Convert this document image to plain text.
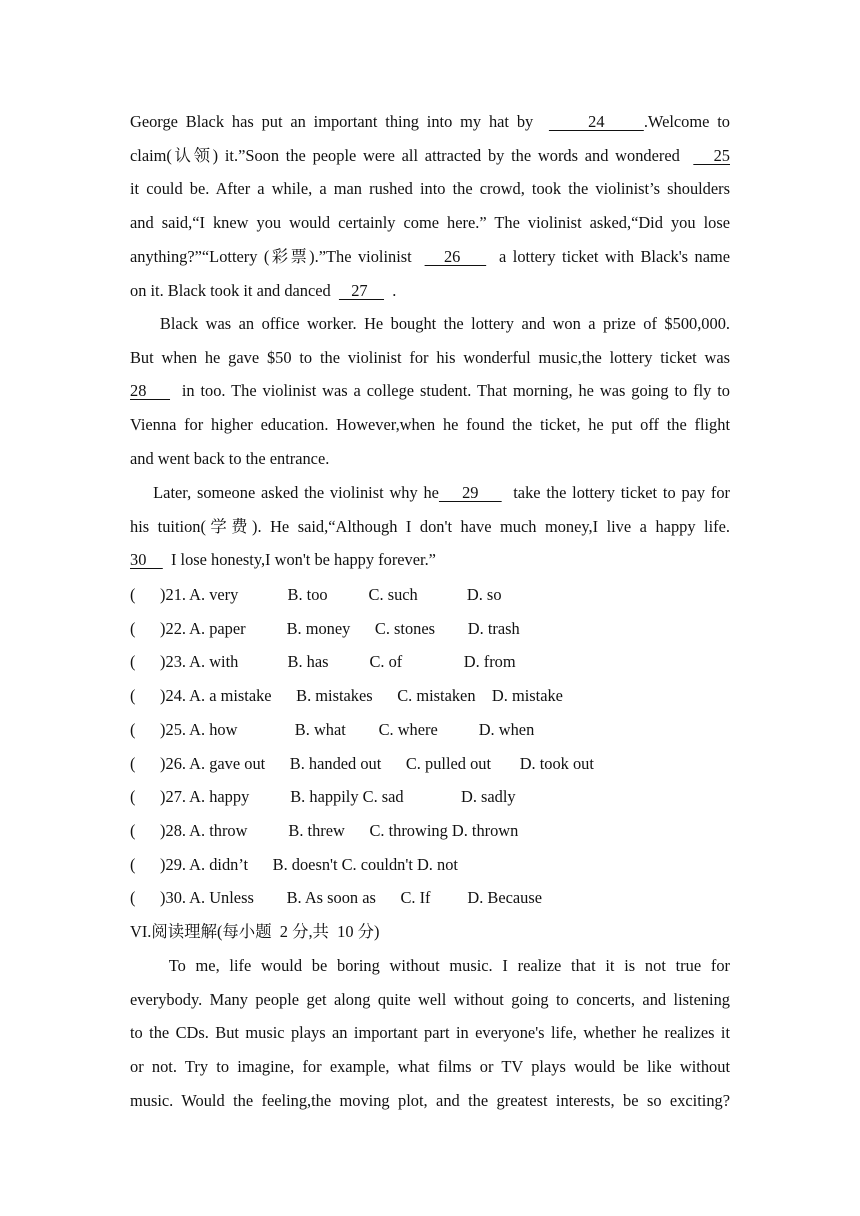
George Black has put an important thing into my hat by       24     .Welcome to
claim(认领) it.”Soon the people were all attracted by the words and wondered     25
it could be. After a while, a man rushed into the crowd, took the violinist’s shoulders
and said,“I knew you would certainly come here.” The violinist asked,“Did you lose
anything?”“Lottery (彩票).”The violinist     26      a lottery ticket with Black's name
on it. Black took it and danced     27      .
Black was an office worker. He bought the lottery and won a prize of $500,000.
But when he gave $50 to the violinist for his wonderful music,the lottery ticket was
28      in too. The violinist was a college student. That morning, he was going to fly to
Vienna for higher education. However,when he found the ticket, he put off the flight
and went back to the entrance.
Later, someone asked the violinist why he    29      take the lottery ticket to pay for
his tuition(学费). He said,“Although I don't have much money,I live a happy life.
30      I lose honesty,I won't be happy forever.”
(      )21. A. very            B. too          C. such            D. so
(      )22. A. paper          B. money      C. stones        D. trash
(      )23. A. with            B. has          C. of               D. from
(      )24. A. a mistake      B. mistakes      C. mistaken    D. mistake
(      )25. A. how              B. what        C. where          D. when
(      )26. A. gave out      B. handed out      C. pulled out       D. took out
(      )27. A. happy          B. happily C. sad              D. sadly
(      )28. A. throw          B. threw      C. throwing D. thrown
(      )29. A. didn’t      B. doesn't C. couldn't D. not
(      )30. A. Unless        B. As soon as      C. If         D. Because
VI.阅读理解(每小题  2 分,共  10 分)
To me, life would be boring without music. I realize that it is not true for
everybody. Many people get along quite well without going to concerts, and listening
to the CDs. But music plays an important part in everyone's life, whether he realizes it
or not. Try to imagine, for example, what films or TV plays would be like without
music. Would the feeling,the moving plot, and the greatest interests, be so exciting?
